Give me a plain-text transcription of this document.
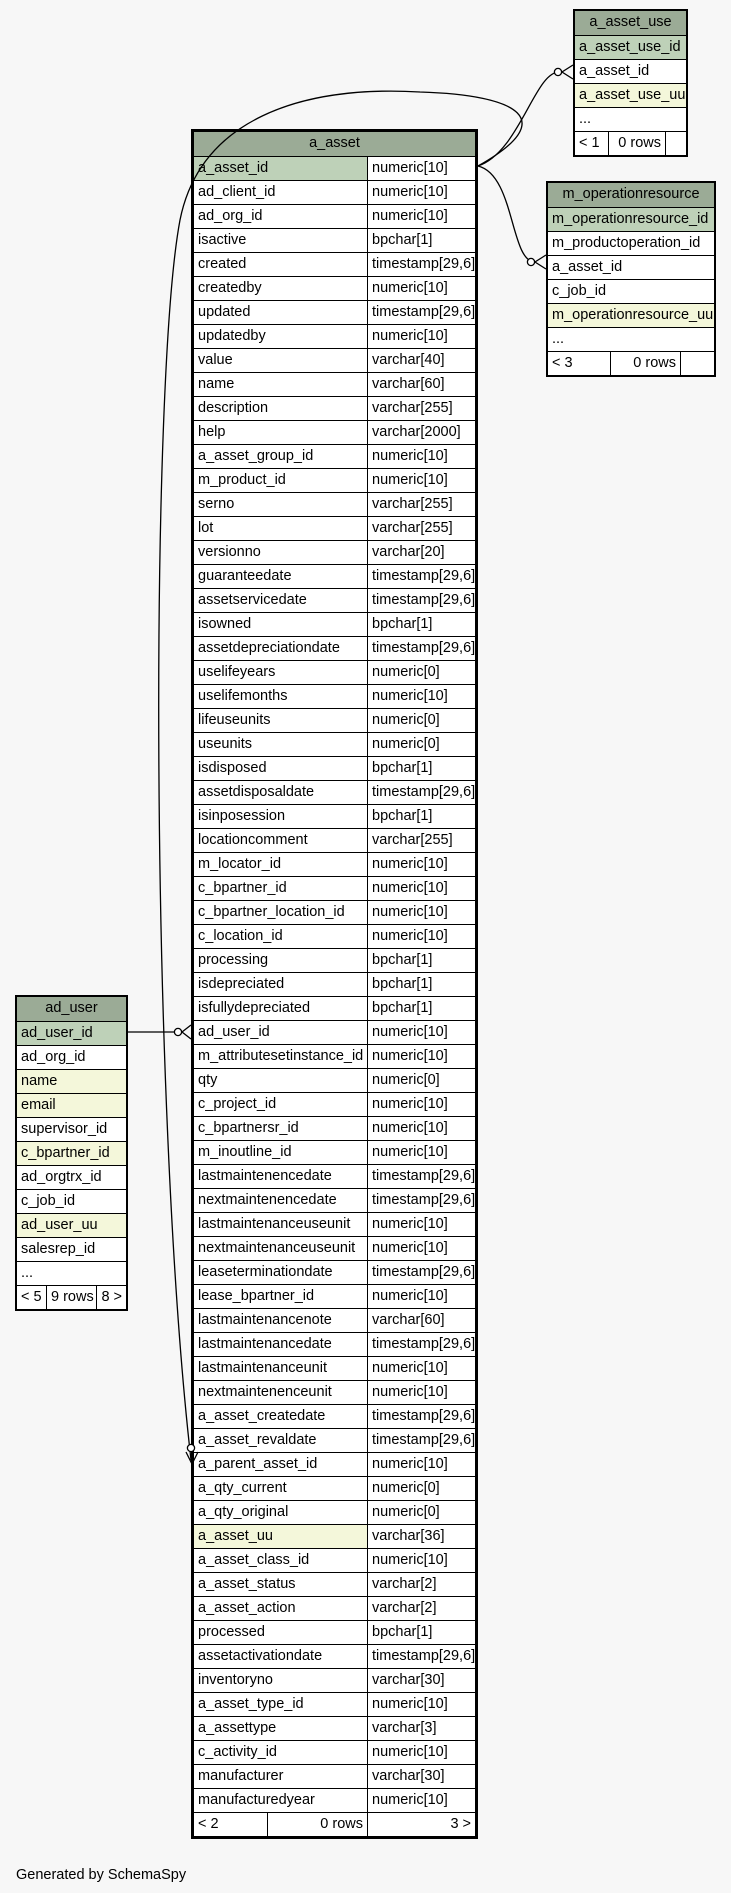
a_asset_use
a_asset_use_id
a_asset_id
a_asset_use_uu
...
< 1	0 rows
m_operationresource
m_operationresource_id
m_productoperation_id
a_asset_id
c_job_id
m_operationresource_uu
...
< 3	0 rows
ad_user
ad_user_id
ad_org_id
name
email
supervisor_id
c_bpartner_id
ad_orgtrx_id
c_job_id
ad_user_uu
salesrep_id
...
< 5 9 rows 8 >
a_asset
a_asset_id	numeric[10]
ad_client_id	numeric[10]
ad_org_id	numeric[10]
isactive	bpchar[1]
created	timestamp[29,6]
createdby	numeric[10]
updated	timestamp[29,6]
updatedby	numeric[10]
value	varchar[40]
name	varchar[60]
description	varchar[255]
help	varchar[2000]
a_asset_group_id	numeric[10]
m_product_id	numeric[10]
serno	varchar[255]
lot	varchar[255]
versionno	varchar[20]
guaranteedate	timestamp[29,6]
assetservicedate	timestamp[29,6]
isowned	bpchar[1]
assetdepreciationdate	timestamp[29,6]
uselifeyears	numeric[0]
uselifemonths	numeric[10]
lifeuseunits	numeric[0]
useunits	numeric[0]
isdisposed	bpchar[1]
assetdisposaldate	timestamp[29,6]
isinposession	bpchar[1]
locationcomment	varchar[255]
m_locator_id	numeric[10]
c_bpartner_id	numeric[10]
c_bpartner_location_id	numeric[10]
c_location_id	numeric[10]
processing	bpchar[1]
isdepreciated	bpchar[1]
isfullydepreciated	bpchar[1]
ad_user_id	numeric[10]
m_attributesetinstance_id numeric[10]
qty	numeric[0]
c_project_id	numeric[10]
c_bpartnersr_id	numeric[10]
m_inoutline_id	numeric[10]
lastmaintenencedate	timestamp[29,6]
nextmaintenencedate	timestamp[29,6]
lastmaintenanceuseunit	numeric[10]
nextmaintenanceuseunit	numeric[10]
leaseterminationdate	timestamp[29,6]
lease_bpartner_id	numeric[10]
lastmaintenancenote	varchar[60]
lastmaintenancedate	timestamp[29,6]
lastmaintenanceunit	numeric[10]
nextmaintenenceunit	numeric[10]
a_asset_createdate	timestamp[29,6]
a_asset_revaldate	timestamp[29,6]
a_parent_asset_id	numeric[10]
a_qty_current	numeric[0]
a_qty_original	numeric[0]
a_asset_uu	varchar[36]
a_asset_class_id	numeric[10]
a_asset_status	varchar[2]
a_asset_action	varchar[2]
processed	bpchar[1]
assetactivationdate	timestamp[29,6]
inventoryno	varchar[30]
a_asset_type_id	numeric[10]
a_assettype	varchar[3]
c_activity_id	numeric[10]
manufacturer	varchar[30]
manufacturedyear	numeric[10]
< 2	0 rows	3 >
Generated by SchemaSpy
